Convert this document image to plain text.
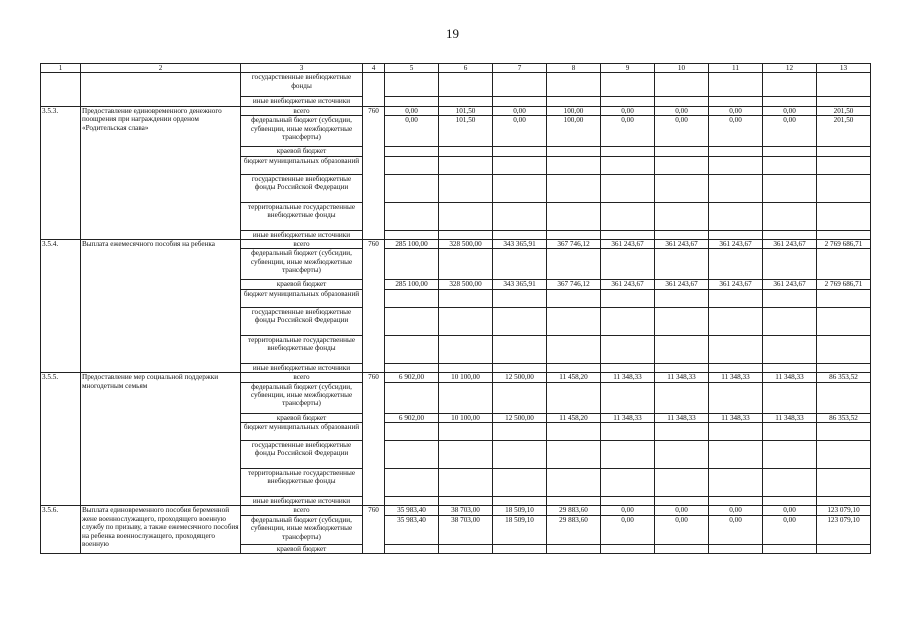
19
1	2	3	4	5	6	7	8	9	10	11	12	13
		государственные внебюджетные фонды										
		иные внебюджетные источники										
3.5.3.	Предоставление единовременного денежного поощрения при награждении орденом «Родительская слава»	всего	760	0,00	101,50	0,00	100,00	0,00	0,00	0,00	0,00	201,50
		федеральный бюджет (субсидии, субвенции, иные межбюджетные трансферты)		0,00	101,50	0,00	100,00	0,00	0,00	0,00	0,00	201,50
		краевой бюджет										
		бюджет муниципальных образований										
		государственные внебюджетные фонды Российской Федерации										
		территориальные государственные внебюджетные фонды										
		иные внебюджетные источники										
3.5.4.	Выплата ежемесячного пособия на ребенка	всего	760	285 100,00	328 500,00	343 365,91	367 746,12	361 243,67	361 243,67	361 243,67	361 243,67	2 769 686,71
		федеральный бюджет (субсидии, субвенции, иные межбюджетные трансферты)										
		краевой бюджет		285 100,00	328 500,00	343 365,91	367 746,12	361 243,67	361 243,67	361 243,67	361 243,67	2 769 686,71
		бюджет муниципальных образований										
		государственные внебюджетные фонды Российской Федерации										
		территориальные государственные внебюджетные фонды										
		иные внебюджетные источники										
3.5.5.	Предоставление мер социальной поддержки многодетным семьям	всего	760	6 902,00	10 100,00	12 500,00	11 458,20	11 348,33	11 348,33	11 348,33	11 348,33	86 353,52
		федеральный бюджет (субсидии, субвенции, иные межбюджетные трансферты)										
		краевой бюджет		6 902,00	10 100,00	12 500,00	11 458,20	11 348,33	11 348,33	11 348,33	11 348,33	86 353,52
		бюджет муниципальных образований										
		государственные внебюджетные фонды Российской Федерации										
		территориальные государственные внебюджетные фонды										
		иные внебюджетные источники										
3.5.6.	Выплата единовременного пособия беременной жене военнослужащего, проходящего военную службу по призыву, а также ежемесячного пособия на ребенка военнослужащего, проходящего военную	всего	760	35 983,40	38 703,00	18 509,10	29 883,60	0,00	0,00	0,00	0,00	123 079,10
		федеральный бюджет (субсидии, субвенции, иные межбюджетные трансферты)		35 983,40	38 703,00	18 509,10	29 883,60	0,00	0,00	0,00	0,00	123 079,10
		краевой бюджет										
